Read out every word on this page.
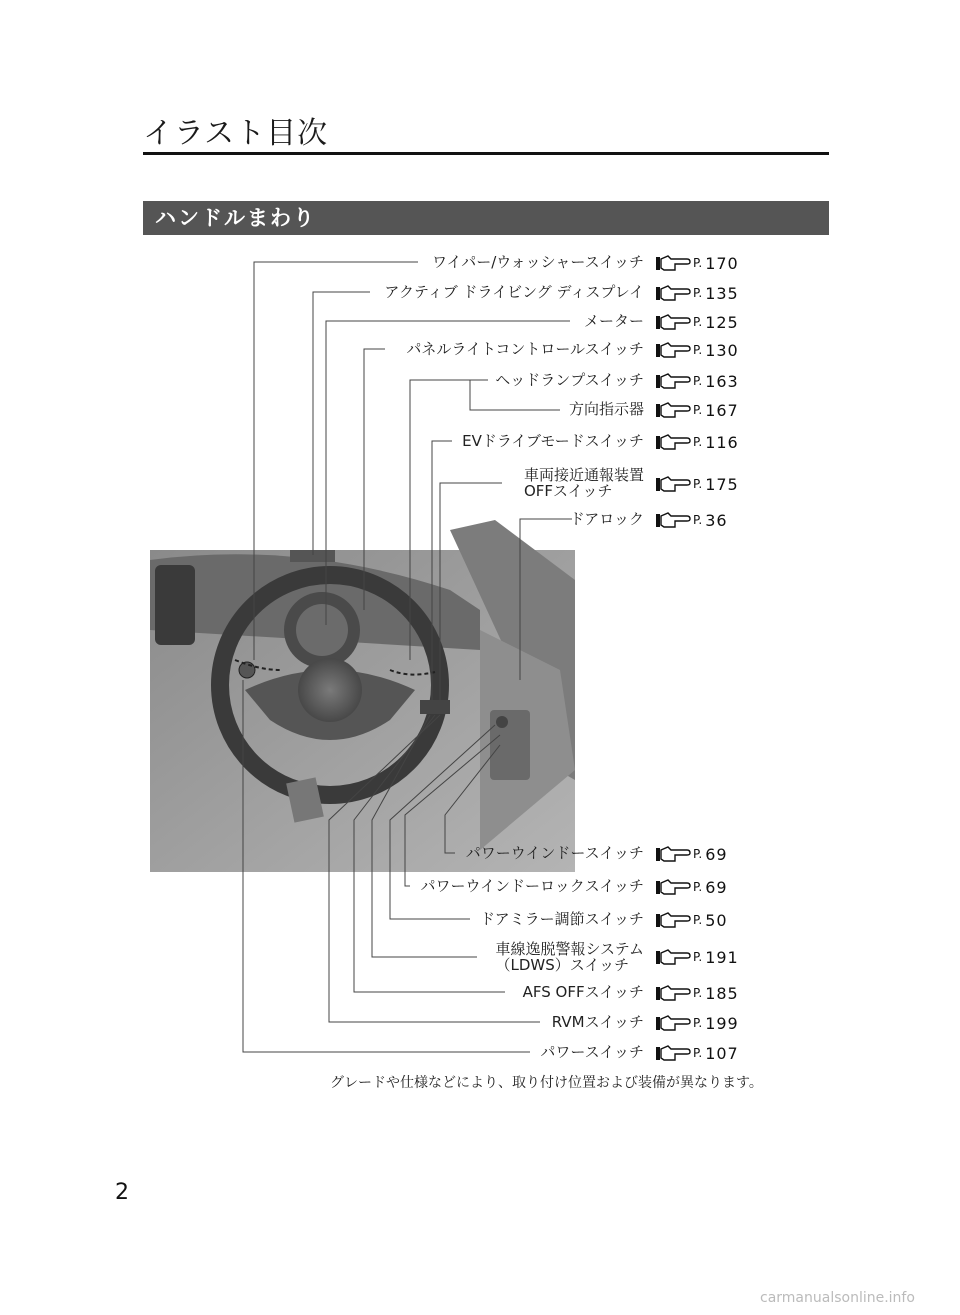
イラスト目次
ハンドルまわり
ワイパー/ウォッシャースイッチ
アクティブ ドライビング ディスプレイ
メーター
パネルライトコントロールスイッチ
ヘッドランプスイッチ
方向指示器
EVドライブモードスイッチ
車両接近通報装置
OFFスイッチ
ドアロック
パワーウインドースイッチ
パワーウインドーロックスイッチ
ドアミラー調節スイッチ
車線逸脱警報システム
（LDWS）スイッチ
AFS OFFスイッチ
RVMスイッチ
パワースイッチ
P. 170
P. 135
P. 125
P. 130
P. 163
P. 167
P. 116
P. 175
P. 36
P. 69
P. 69
P. 50
P. 191
P. 185
P. 199
P. 107
グレードや仕様などにより、取り付け位置および装備が異なります。
2
carmanualsonline.info
